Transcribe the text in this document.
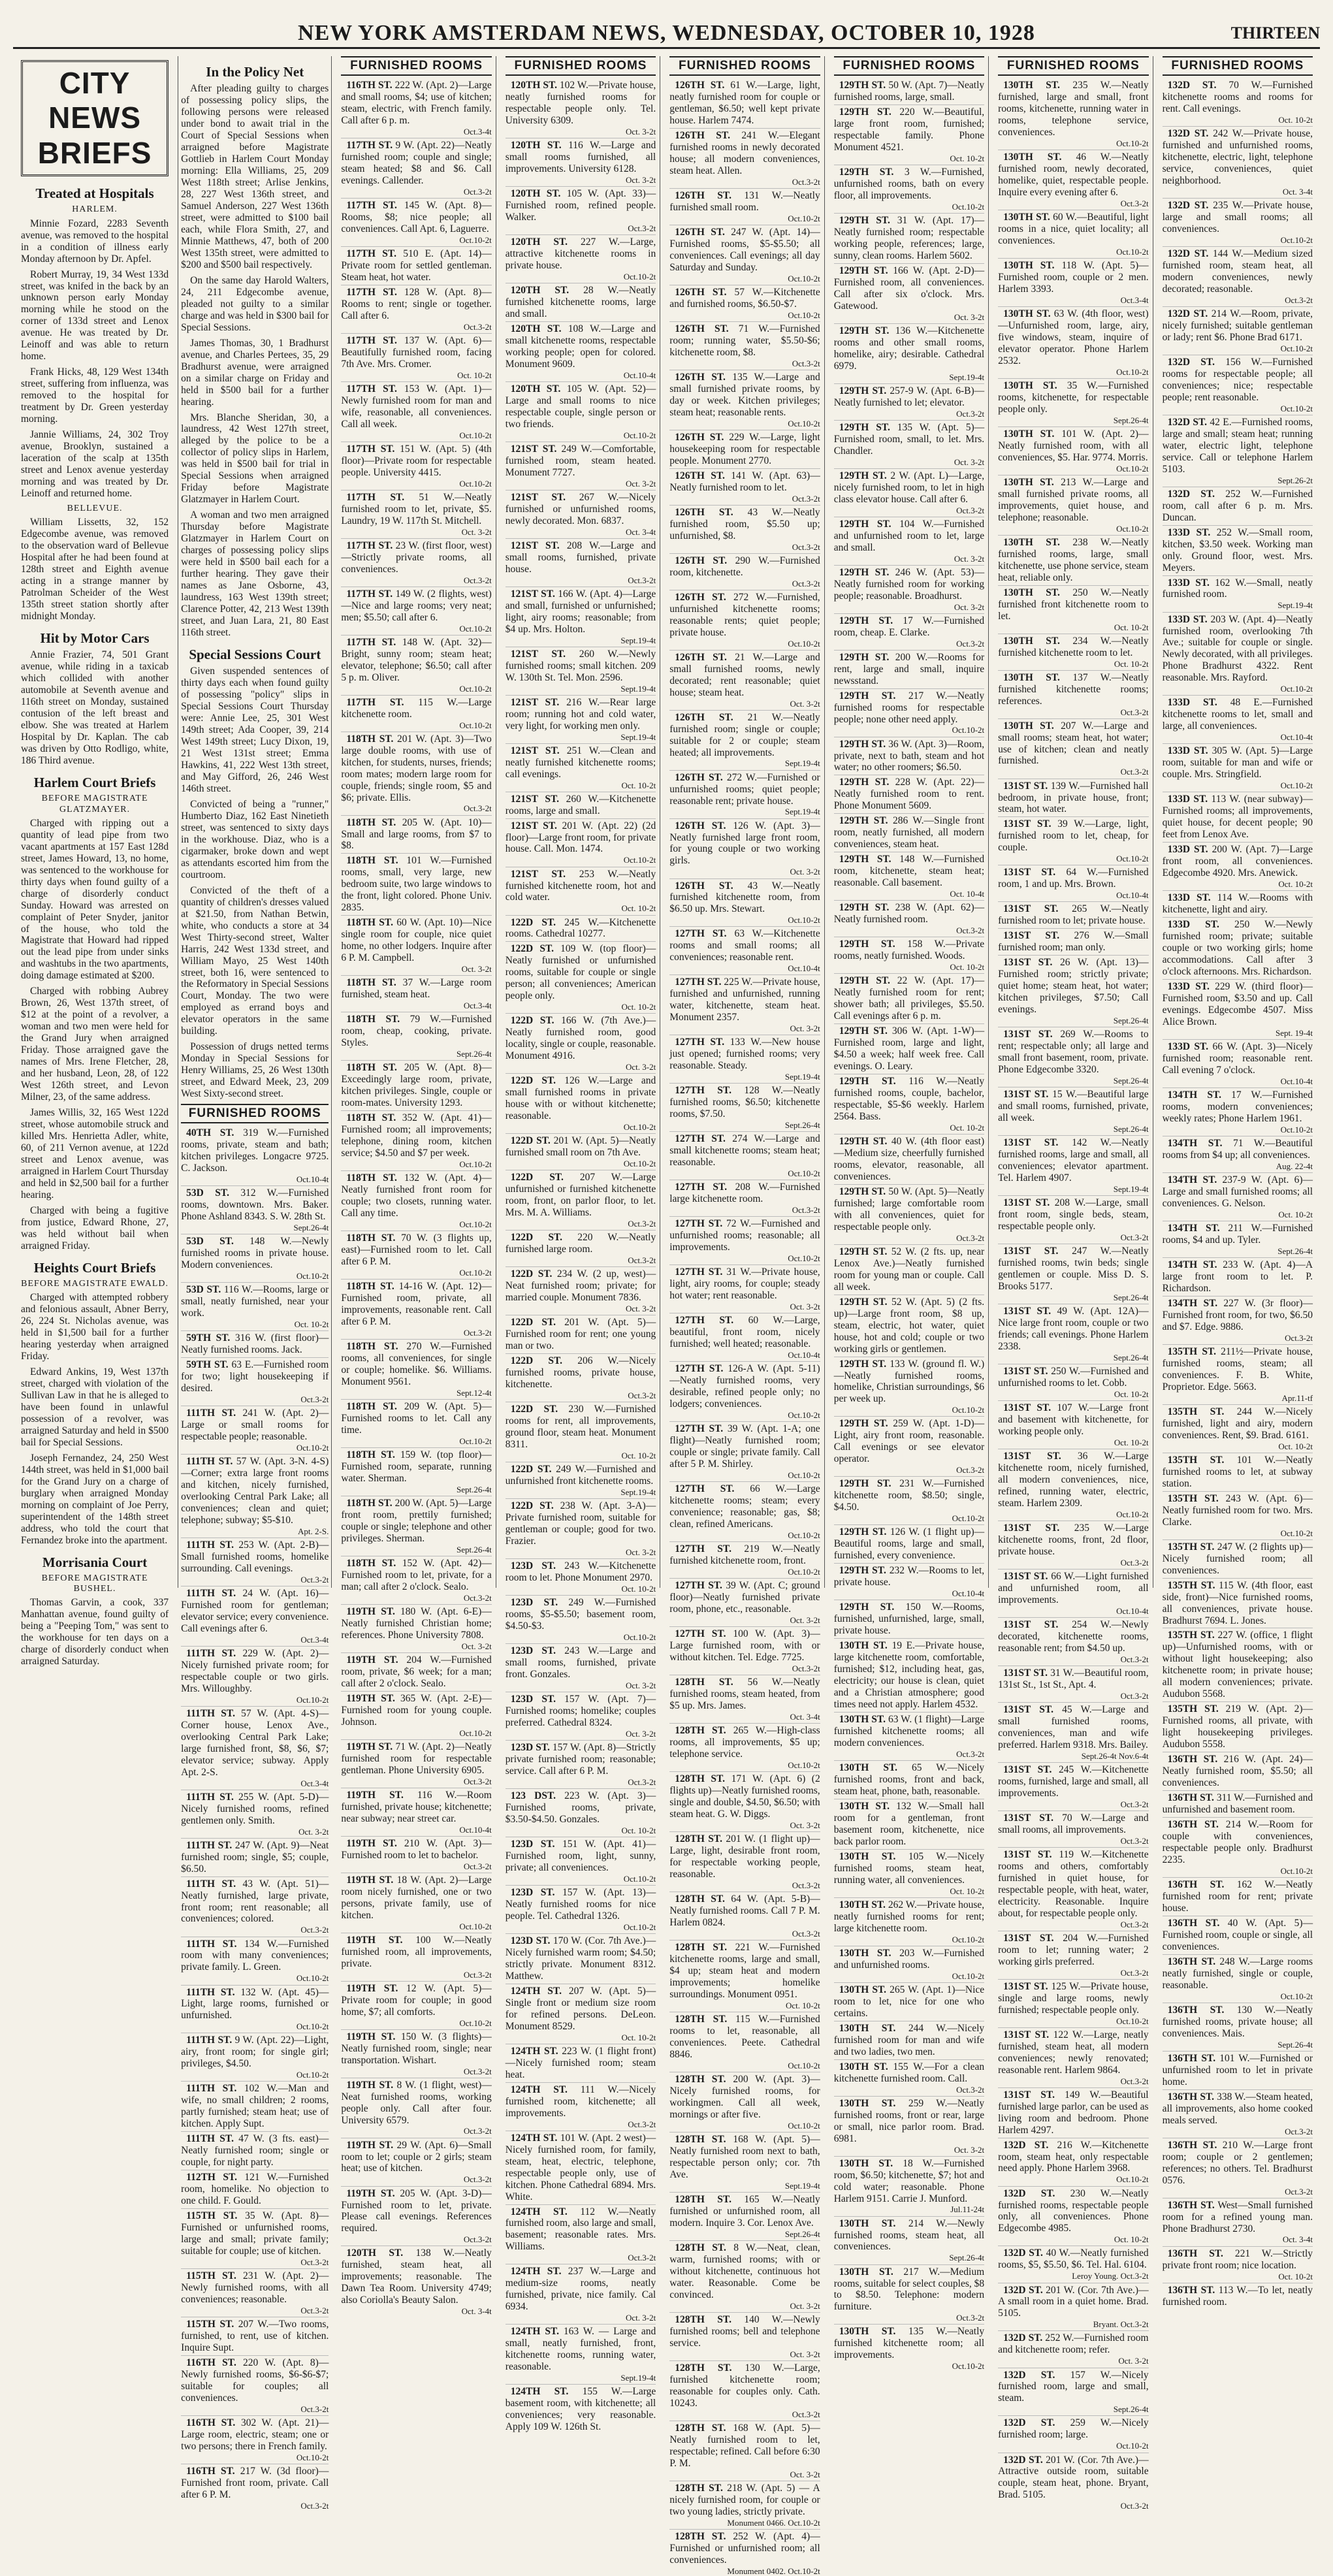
NEW YORK AMSTERDAM NEWS, WEDNESDAY, OCTOBER 10, 1928	THIRTEEN
CITY NEWS BRIEFS
Treated at Hospitals
HARLEM.

Minnie Fozard, 2283 Seventh avenue, was removed to the hospital in a condition of illness early Monday afternoon by Dr. Apfel.

Robert Murray, 19, 34 West 133d street, was knifed in the back by an unknown person early Monday morning while he stood on the corner of 133d street and Lenox avenue. He was treated by Dr. Leinoff and was able to return home.

Frank Hicks, 48, 129 West 134th street, suffering from influenza, was removed to the hospital for treatment by Dr. Green yesterday morning.

Jannie Williams, 24, 302 Troy avenue, Brooklyn, sustained a laceration of the scalp at 135th street and Lenox avenue yesterday morning and was treated by Dr. Leinoff and returned home.

BELLEVUE.

William Lissetts, 32, 152 Edgecombe avenue, was removed to the observation ward of Bellevue Hospital after he had been found at 128th street and Eighth avenue acting in a strange manner by Patrolman Scheider of the West 135th street station shortly after midnight Monday.

Hit by Motor Cars

Annie Frazier, 74, 501 Grant avenue, while riding in a taxicab which collided with another automobile at Seventh avenue and 116th street on Monday, sustained contusion of the left breast and elbow. She was treated at Harlem Hospital by Dr. Kaplan. The cab was driven by Otto Rodligo, white, 186 Third avenue.

Harlem Court Briefs
BEFORE MAGISTRATE GLATZMAYER.

Charged with ripping out a quantity of lead pipe from two vacant apartments at 157 East 128d street, James Howard, 13, no home, was sentenced to the workhouse for thirty days when found guilty of a charge of disorderly conduct Sunday. Howard was arrested on complaint of Peter Snyder, janitor of the house, who told the Magistrate that Howard had ripped out the lead pipe from under sinks and washtubs in the two apartments, doing damage estimated at $200.

Charged with robbing Aubrey Brown, 26, West 137th street, of $12 at the point of a revolver, a woman and two men were held for the Grand Jury when arraigned Friday. Those arraigned gave the names of Mrs. Irene Fletcher, 28, and her husband, Leon, 28, of 122 West 126th street, and Levon Milner, 23, of the same address.

James Willis, 32, 165 West 122d street, whose automobile struck and killed Mrs. Henrietta Adler, white, 60, of 211 Vernon avenue, at 122d street and Lenox avenue, was arraigned in Harlem Court Thursday and held in $2,500 bail for a further hearing.

Charged with being a fugitive from justice, Edward Rhone, 27, was held without bail when arraigned Friday.

Heights Court Briefs
BEFORE MAGISTRATE EWALD.

Charged with attempted robbery and felonious assault, Abner Berry, 26, 224 St. Nicholas avenue, was held in $1,500 bail for a further hearing yesterday when arraigned Friday.

Edward Ankins, 19, West 137th street, charged with violation of the Sullivan Law in that he is alleged to have been found in unlawful possession of a revolver, was arraigned Saturday and held in $500 bail for Special Sessions.

Joseph Fernandez, 24, 250 West 144th street, was held in $1,000 bail for the Grand Jury on a charge of burglary when arraigned Monday morning on complaint of Joe Perry, superintendent of the 148th street address, who told the court that Fernandez broke into the apartment.

Morrisania Court
BEFORE MAGISTRATE BUSHEL.

Thomas Garvin, a cook, 337 Manhattan avenue, found guilty of being a "Peeping Tom," was sent to the workhouse for ten days on a charge of disorderly conduct when arraigned Saturday.

In the Policy Net

After pleading guilty to charges of possessing policy slips, the following persons were released under bond to await trial in the Court of Special Sessions when arraigned before Magistrate Gottlieb in Harlem Court Monday morning: Ella Williams, 25, 209 West 118th street; Arlise Jenkins, 28, 227 West 136th street, and Samuel Anderson, 227 West 136th street, were admitted to $100 bail each, while Flora Smith, 27, and Minnie Matthews, 47, both of 200 West 135th street, were admitted to $200 and $500 bail respectively.

On the same day Harold Walters, 24, 211 Edgecombe avenue, pleaded not guilty to a similar charge and was held in $300 bail for Special Sessions.

James Thomas, 30, 1 Bradhurst avenue, and Charles Pertees, 35, 29 Bradhurst avenue, were arraigned on a similar charge on Friday and held in $500 bail for a further hearing.

Mrs. Blanche Sheridan, 30, a laundress, 42 West 127th street, alleged by the police to be a collector of policy slips in Harlem, was held in $500 bail for trial in Special Sessions when arraigned Friday before Magistrate Glatzmayer in Harlem Court.

A woman and two men arraigned Thursday before Magistrate Glatzmayer in Harlem Court on charges of possessing policy slips were held in $500 bail each for a further hearing. They gave their names as Jane Osborne, 43, laundress, 163 West 139th street; Clarence Potter, 42, 213 West 139th street, and Juan Lara, 21, 80 East 116th street.

Special Sessions Court

Given suspended sentences of thirty days each when found guilty of possessing "policy" slips in Special Sessions Court Thursday were: Annie Lee, 25, 301 West 149th street; Ada Cooper, 39, 214 West 149th street; Lucy Dixon, 19, 21 West 131st street; Emma Hawkins, 41, 222 West 13th street, and May Gifford, 26, 246 West 146th street.

Convicted of being a "runner," Humberto Diaz, 162 East Ninetieth street, was sentenced to sixty days in the workhouse. Diaz, who is a cigarmaker, broke down and wept as attendants escorted him from the courtroom.

Convicted of the theft of a quantity of children's dresses valued at $21.50, from Nathan Betwin, white, who conducts a store at 34 West Thirty-second street, Walter Harris, 242 West 133d street, and William Mayo, 25 West 140th street, both 16, were sentenced to the Reformatory in Special Sessions Court, Monday. The two were employed as errand boys and elevator operators in the same building.

Possession of drugs netted terms Monday in Special Sessions for Henry Williams, 25, 26 West 130th street, and Edward Meek, 23, 209 West Sixty-second street.

FURNISHED ROOMS
40TH ST. 319 W.—Furnished rooms, private, steam and bath; kitchen privileges. Longacre 9725. C. Jackson.
Oct.10-4t
53D ST. 312 W.—Furnished rooms, downtown. Mrs. Baker. Phone Ashland 8343. S. W. 28th St.
Sept.26-4t
53D ST. 148 W.—Newly furnished rooms in private house. Modern conveniences.
Oct.10-2t
53D ST. 116 W.—Rooms, large or small, neatly furnished, near your work.
Oct. 10-2t
59TH ST. 316 W. (first floor)—Neatly furnished rooms. Jack.
59TH ST. 63 E.—Furnished room for two; light housekeeping if desired.
Oct.3-2t
111TH ST. 241 W. (Apt. 2)—Large or small rooms for respectable people; reasonable.
Oct.10-2t
111TH ST. 57 W. (Apt. 3-N. 4-S)—Corner; extra large front rooms and kitchen, nicely furnished, overlooking Central Park Lake; all conveniences; clean and quiet; telephone; subway; $5-$10.
Apt. 2-S.
111TH ST. 253 W. (Apt. 2-B)—Small furnished rooms, homelike surrounding. Call evenings.
Oct.3-2t
111TH ST. 24 W. (Apt. 16)—Furnished room for gentleman; elevator service; every convenience. Call evenings after 6.
Oct.3-4t
111TH ST. 229 W. (Apt. 2)—Nicely furnished private room; for respectable couple or two girls. Mrs. Willoughby.
Oct.10-2t
111TH ST. 57 W. (Apt. 4-S)—Corner house, Lenox Ave., overlooking Central Park Lake; large furnished front, $8, $6, $7; elevator service; subway. Apply Apt. 2-S.
Oct.3-4t
111TH ST. 255 W. (Apt. 5-D)—Nicely furnished rooms, refined gentlemen only. Smith.
Oct. 3-2t
111TH ST. 247 W. (Apt. 9)—Neat furnished room; single, $5; couple, $6.50.
111TH ST. 43 W. (Apt. 51)—Neatly furnished, large private, front room; rent reasonable; all conveniences; colored.
Oct.3-2t
111TH ST. 134 W.—Furnished room with many conveniences; private family. L. Green.
Oct.10-2t
111TH ST. 132 W. (Apt. 45)—Light, large rooms, furnished or unfurnished.
Oct.10-2t
111TH ST. 9 W. (Apt. 22)—Light, airy, front room; for single girl; privileges, $4.50.
Oct.10-2t
111TH ST. 102 W.—Man and wife, no small children; 2 rooms, partly furnished; steam heat; use of kitchen. Apply Supt.
111TH ST. 47 W. (3 fts. east)—Neatly furnished room; single or couple, for night party.
112TH ST. 121 W.—Furnished room, homelike. No objection to one child. F. Gould.
115TH ST. 35 W. (Apt. 8)—Furnished or unfurnished rooms, large and small; private family; suitable for couple; use of kitchen.
Oct.3-2t
115TH ST. 231 W. (Apt. 2)—Newly furnished rooms, with all conveniences; reasonable.
Oct.3-2t
115TH ST. 207 W.—Two rooms, furnished, to rent, use of kitchen. Inquire Supt.
116TH ST. 220 W. (Apt. 8)—Newly furnished rooms, $6-$6-$7; suitable for couples; all conveniences.
Oct.3-2t
116TH ST. 302 W. (Apt. 21)—Large room, electric, steam; one or two persons; there in French family.
Oct.10-2t
116TH ST. 217 W. (3d floor)—Furnished front room, private. Call after 6 P. M.
Oct.3-2t
FURNISHED ROOMS
116TH ST. 222 W. (Apt. 2)—Large and small rooms, $4; use of kitchen; steam, electric, with French family. Call after 6 p. m.
Oct.3-4t
117TH ST. 9 W. (Apt. 22)—Neatly furnished room; couple and single; steam heated; $8 and $6. Call evenings. Callender.
Oct.3-2t
117TH ST. 145 W. (Apt. 8)—Rooms, $8; nice people; all conveniences. Call Apt. 6, Laguerre.
Oct.10-2t
117TH ST. 510 E. (Apt. 14)—Private room for settled gentleman. Steam heat, hot water.
117TH ST. 128 W. (Apt. 8)—Rooms to rent; single or together. Call after 6.
Oct.3-2t
117TH ST. 137 W. (Apt. 6)—Beautifully furnished room, facing 7th Ave. Mrs. Cromer.
Oct. 10-2t
117TH ST. 153 W. (Apt. 1)—Newly furnished room for man and wife, reasonable, all conveniences. Call all week.
Oct.10-2t
117TH ST. 151 W. (Apt. 5) (4th floor)—Private room for respectable people. University 4415.
Oct.10-2t
117TH ST. 51 W.—Neatly furnished room to let, private, $5. Laundry, 19 W. 117th St. Mitchell.
Oct. 3-2t
117TH ST. 23 W. (first floor, west)—Strictly private rooms, all conveniences.
Oct.3-2t
117TH ST. 149 W. (2 flights, west)—Nice and large rooms; very neat; men; $5.50; call after 6.
Oct.10-2t
117TH ST. 148 W. (Apt. 32)—Bright, sunny room; steam heat; elevator, telephone; $6.50; call after 5 p. m. Oliver.
Oct.10-2t
117TH ST. 115 W.—Large kitchenette room.
Oct.10-2t
118TH ST. 201 W. (Apt. 3)—Two large double rooms, with use of kitchen, for students, nurses, friends; room mates; modern large room for couple, friends; single room, $5 and $6; private. Ellis.
Oct.3-2t
118TH ST. 205 W. (Apt. 10)—Small and large rooms, from $7 to $8.
118TH ST. 101 W.—Furnished rooms, small, very large, new bedroom suite, two large windows to the front, light colored. Phone Univ. 2835.
118TH ST. 60 W. (Apt. 10)—Nice single room for couple, nice quiet home, no other lodgers. Inquire after 6 P. M. Campbell.
Oct. 3-2t
118TH ST. 37 W.—Large room furnished, steam heat.
Oct.3-4t
118TH ST. 79 W.—Furnished room, cheap, cooking, private. Styles.
Sept.26-4t
118TH ST. 205 W. (Apt. 8)—Exceedingly large room, private, kitchen privileges. Single, couple or room-mates. University 1293.
118TH ST. 352 W. (Apt. 41)—Furnished room; all improvements; telephone, dining room, kitchen service; $4.50 and $7 per week.
Oct.10-2t
118TH ST. 132 W. (Apt. 4)—Neatly furnished front room for couple; two closets, running water. Call any time.
Oct.10-2t
118TH ST. 70 W. (3 flights up, east)—Furnished room to let. Call after 6 P. M.
Oct.10-2t
118TH ST. 14-16 W. (Apt. 12)—Furnished room, private, all improvements, reasonable rent. Call after 6 P. M.
Oct.3-2t
118TH ST. 270 W.—Furnished rooms, all conveniences, for single or couple; homelike. $6. Williams. Monument 9561.
Sept.12-4t
118TH ST. 209 W. (Apt. 5)—Furnished rooms to let. Call any time.
Oct.10-2t
118TH ST. 159 W. (top floor)—Furnished room, separate, running water. Sherman.
Sept.26-4t
118TH ST. 200 W. (Apt. 5)—Large front room, prettily furnished; couple or single; telephone and other privileges. Sherman.
Sept.26-4t
118TH ST. 152 W. (Apt. 42)—Furnished room to let, private, for a man; call after 2 o'clock. Sealo.
Oct.3-2t
119TH ST. 180 W. (Apt. 6-E)—Neatly furnished Christian home; references. Phone University 7808.
Oct. 3-2t
119TH ST. 204 W.—Furnished room, private, $6 week; for a man; call after 2 o'clock. Sealo.
119TH ST. 365 W. (Apt. 2-E)—Furnished room for young couple. Johnson.
Oct.10-2t
119TH ST. 71 W. (Apt. 2)—Neatly furnished room for respectable gentleman. Phone University 6905.
Oct.3-2t
119TH ST. 116 W.—Room furnished, private house; kitchenette; near subway; near street car.
Oct.10-4t
119TH ST. 210 W. (Apt. 3)—Furnished room to let to bachelor.
Oct.3-2t
119TH ST. 18 W. (Apt. 2)—Large room nicely furnished, one or two persons, private family, use of kitchen.
Oct.10-2t
119TH ST. 100 W.—Neatly furnished room, all improvements, private.
Oct.3-2t
119TH ST. 12 W. (Apt. 5)—Private room for couple; in good home, $7; all comforts.
Oct.10-2t
119TH ST. 150 W. (3 flights)—Neatly furnished room, single; near transportation. Wishart.
Oct.3-2t
119TH ST. 8 W. (1 flight, west)—Neat furnished rooms, working people only. Call after four. University 6579.
Oct.3-2t
119TH ST. 29 W. (Apt. 6)—Small room to let; couple or 2 girls; steam heat; use of kitchen.
Oct.3-2t
119TH ST. 205 W. (Apt. 3-D)—Furnished room to let, private. Please call evenings. References required.
Oct.3-2t
120TH ST. 138 W.—Neatly furnished, steam heat, all improvements; reasonable. The Dawn Tea Room. University 4749; also Coriolla's Beauty Salon.
Oct. 3-4t
FURNISHED ROOMS
120TH ST. 102 W.—Private house, neatly furnished rooms for respectable people only. Tel. University 6309.
Oct. 3-2t
120TH ST. 116 W.—Large and small rooms furnished, all improvements. University 6128.
Oct. 3-2t
120TH ST. 105 W. (Apt. 33)—Furnished room, refined people. Walker.
Oct.3-2t
120TH ST. 227 W.—Large, attractive kitchenette rooms in private house.
Oct.10-2t
120TH ST. 28 W.—Neatly furnished kitchenette rooms, large and small.
120TH ST. 108 W.—Large and small kitchenette rooms, respectable working people; open for colored. Monument 9609.
Oct.10-4t
120TH ST. 105 W. (Apt. 52)—Large and small rooms to nice respectable couple, single person or two friends.
Oct.10-2t
121ST ST. 249 W.—Comfortable, furnished room, steam heated. Monument 7727.
Oct. 3-2t
121ST ST. 267 W.—Nicely furnished or unfurnished rooms, newly decorated. Mon. 6837.
Oct. 3-4t
121ST ST. 208 W.—Large and small rooms, furnished, private house.
Oct.3-2t
121ST ST. 166 W. (Apt. 4)—Large and small, furnished or unfurnished; light, airy rooms; reasonable; from $4 up. Mrs. Holton.
Sept.19-4t
121ST ST. 260 W.—Newly furnished rooms; small kitchen. 209 W. 130th St. Tel. Mon. 2596.
Sept.19-4t
121ST ST. 216 W.—Rear large room; running hot and cold water, very light, for working men only.
Sept.19-4t
121ST ST. 251 W.—Clean and neatly furnished kitchenette rooms; call evenings.
Oct. 10-2t
121ST ST. 260 W.—Kitchenette rooms, large and small.
121ST ST. 201 W. (Apt. 22) (2d floor)—Large front room, for private house. Call. Mon. 1474.
Oct.10-2t
121ST ST. 253 W.—Neatly furnished kitchenette room, hot and cold water.
Oct. 10-2t
122D ST. 245 W.—Kitchenette rooms. Cathedral 10277.
122D ST. 109 W. (top floor)—Neatly furnished or unfurnished rooms, suitable for couple or single person; all conveniences; American people only.
Oct. 10-2t
122D ST. 166 W. (7th Ave.)—Neatly furnished room, good locality, single or couple, reasonable. Monument 4916.
Oct. 3-2t
122D ST. 126 W.—Large and small furnished rooms in private house with or without kitchenette; reasonable.
Oct.10-2t
122D ST. 201 W. (Apt. 5)—Neatly furnished small room on 7th Ave.
Oct.10-2t
122D ST. 207 W.—Large unfurnished or furnished kitchenette room, front, on parlor floor, to let. Mrs. M. A. Williams.
Oct.3-2t
122D ST. 220 W.—Neatly furnished large room.
Oct.3-2t
122D ST. 234 W. (2 up, west)—Neat furnished room; private; for married couple. Monument 7836.
Oct. 3-2t
122D ST. 201 W. (Apt. 5)—Furnished room for rent; one young man or two.
122D ST. 206 W.—Nicely furnished rooms, private house, kitchenette.
Oct.3-2t
122D ST. 230 W.—Furnished rooms for rent, all improvements, ground floor, steam heat. Monument 8311.
Oct. 10-2t
122D ST. 249 W.—Furnished and unfurnished front kitchenette rooms.
Sept.19-4t
122D ST. 238 W. (Apt. 3-A)—Private furnished room, suitable for gentleman or couple; good for two. Frazier.
Oct. 3-2t
123D ST. 243 W.—Kitchenette room to let. Phone Monument 2970.
Oct. 10-2t
123D ST. 249 W.—Furnished rooms, $5-$5.50; basement room, $4.50-$3.
Oct.10-2t
123D ST. 243 W.—Large and small rooms, furnished, private front. Gonzales.
Oct. 3-2t
123D ST. 157 W. (Apt. 7)—Furnished rooms; homelike; couples preferred. Cathedral 8324.
Oct. 3-2t
123D ST. 157 W. (Apt. 8)—Strictly private furnished room; reasonable; service. Call after 6 P. M.
Oct.3-2t
123 DST. 223 W. (Apt. 3)—Furnished rooms, private, $3.50-$4.50. Gonzales.
Oct. 10-2t
123D ST. 151 W. (Apt. 41)—Furnished room, light, sunny, private; all conveniences.
Oct.10-2t
123D ST. 157 W. (Apt. 13)—Neatly furnished rooms for nice people. Tel. Cathedral 1326.
Oct.10-2t
123D ST. 170 W. (Cor. 7th Ave.)—Nicely furnished warm room; $4.50; strictly private. Monument 8312. Matthew.
124TH ST. 207 W. (Apt. 5)—Single front or medium size room for refined persons. DeLeon. Monument 8529.
Oct. 10-2t
124TH ST. 223 W. (1 flight front)—Nicely furnished room; steam heat.
124TH ST. 111 W.—Nicely furnished room, kitchenette; all improvements.
Oct.3-2t
124TH ST. 101 W. (Apt. 2 west)—Nicely furnished room, for family, steam, heat, electric, telephone, respectable people only, use of kitchen. Phone Cathedral 6894. Mrs. White.
124TH ST. 112 W.—Neatly furnished room, also large and small, basement; reasonable rates. Mrs. Williams.
Oct.3-2t
124TH ST. 237 W.—Large and medium-size rooms, neatly furnished, private, nice family. Cal 6934.
Oct. 3-2t
124TH ST. 163 W. — Large and small, neatly furnished, front, kitchenette rooms, running water, reasonable.
Sept.19-4t
124TH ST. 155 W.—Large basement room, with kitchenette; all conveniences; very reasonable. Apply 109 W. 126th St.
FURNISHED ROOMS
126TH ST. 61 W.—Large, light, neatly furnished room for couple or gentleman, $6.50; well kept private house. Harlem 7474.
126TH ST. 241 W.—Elegant furnished rooms in newly decorated house; all modern conveniences, steam heat. Allen.
Oct.3-2t
126TH ST. 131 W.—Neatly furnished small room.
Oct.10-2t
126TH ST. 247 W. (Apt. 14)—Furnished rooms, $5-$5.50; all conveniences. Call evenings; all day Saturday and Sunday.
Oct.10-2t
126TH ST. 57 W.—Kitchenette and furnished rooms, $6.50-$7.
Oct.10-2t
126TH ST. 71 W.—Furnished room; running water, $5.50-$6; kitchenette room, $8.
Oct.3-2t
126TH ST. 135 W.—Large and small furnished private rooms, by day or week. Kitchen privileges; steam heat; reasonable rents.
Oct.10-2t
126TH ST. 229 W.—Large, light housekeeping room for respectable people. Monument 2770.
126TH ST. 141 W. (Apt. 63)—Neatly furnished room to let.
Oct.3-2t
126TH ST. 43 W.—Neatly furnished room, $5.50 up; unfurnished, $8.
Oct.3-2t
126TH ST. 290 W.—Furnished room, kitchenette.
Oct.3-2t
126TH ST. 272 W.—Furnished, unfurnished kitchenette rooms; reasonable rents; quiet people; private house.
Oct.10-2t
126TH ST. 21 W.—Large and small furnished rooms, newly decorated; rent reasonable; quiet house; steam heat.
Oct. 3-2t
126TH ST. 21 W.—Neatly furnished room; single or couple; suitable for 2 or couple; steam heated; all improvements.
Sept.19-4t
126TH ST. 272 W.—Furnished or unfurnished rooms; quiet people; reasonable rent; private house.
Sept.19-4t
126TH ST. 126 W. (Apt. 3)—Neatly furnished large front room, for young couple or two working girls.
Oct. 3-2t
126TH ST. 43 W.—Neatly furnished kitchenette room, from $6.50 up. Mrs. Stewart.
Oct.10-2t
127TH ST. 63 W.—Kitchenette rooms and small rooms; all conveniences; reasonable rent.
Oct.10-4t
127TH ST. 225 W.—Private house, furnished and unfurnished, running water, kitchenette, steam heat. Monument 2357.
Oct. 3-2t
127TH ST. 133 W.—New house just opened; furnished rooms; very reasonable. Steady.
Sept.19-4t
127TH ST. 128 W.—Neatly furnished rooms, $6.50; kitchenette rooms, $7.50.
Sept.26-4t
127TH ST. 274 W.—Large and small kitchenette rooms; steam heat; reasonable.
Oct.10-2t
127TH ST. 208 W.—Furnished large kitchenette room.
Oct.3-2t
127TH ST. 72 W.—Furnished and unfurnished rooms; reasonable; all improvements.
Oct.10-2t
127TH ST. 31 W.—Private house, light, airy rooms, for couple; steady hot water; rent reasonable.
Oct. 3-2t
127TH ST. 60 W.—Large, beautiful, front room, nicely furnished; well heated; reasonable.
Oct.10-4t
127TH ST. 126-A W. (Apt. 5-11)—Neatly furnished rooms, very desirable, refined people only; no lodgers; conveniences.
Oct.10-2t
127TH ST. 39 W. (Apt. 1-A; one flight)—Neatly furnished room; couple or single; private family. Call after 5 P. M. Shirley.
Oct.10-2t
127TH ST. 66 W.—Large kitchenette rooms; steam; every convenience; reasonable; gas, $8; clean, refined Americans.
Oct.10-2t
127TH ST. 219 W.—Neatly furnished kitchenette room, front.
Oct.10-2t
127TH ST. 39 W. (Apt. C; ground floor)—Neatly furnished private room, phone, etc., reasonable.
Oct. 3-2t
127TH ST. 100 W. (Apt. 3)—Large furnished room, with or without kitchen. Tel. Edge. 7725.
Oct.3-2t
128TH ST. 56 W.—Neatly furnished rooms, steam heated, from $5 up. Mrs. James.
Oct. 3-4t
128TH ST. 265 W.—High-class rooms, all improvements, $5 up; telephone service.
Oct.10-2t
128TH ST. 171 W. (Apt. 6) (2 flights up)—Neatly furnished rooms, single and double, $4.50, $6.50; with steam heat. G. W. Diggs.
Oct. 3-2t
128TH ST. 201 W. (1 flight up)—Large, light, desirable front room, for respectable working people, reasonable.
Oct.3-2t
128TH ST. 64 W. (Apt. 5-B)—Neatly furnished rooms. Call 7 P. M. Harlem 0824.
Oct.3-2t
128TH ST. 221 W.—Furnished kitchenette rooms, large and small, $4 up; steam heat and modern improvements; homelike surroundings. Monument 0951.
Oct. 10-2t
128TH ST. 115 W.—Furnished rooms to let, reasonable, all conveniences. Peete. Cathedral 8846.
Oct.10-2t
128TH ST. 200 W. (Apt. 3)—Nicely furnished rooms, for workingmen. Call all week, mornings or after five.
Oct.10-2t
128TH ST. 168 W. (Apt. 5)—Neatly furnished room next to bath, respectable person only; cor. 7th Ave.
Sept.19-4t
128TH ST. 165 W.—Neatly furnished or unfurnished room, all modern. Inquire 3. Cor. Lenox Ave.
Sept.26-4t
128TH ST. 8 W.—Neat, clean, warm, furnished rooms; with or without kitchenette, continuous hot water. Reasonable. Come be convinced.
Oct. 3-2t
128TH ST. 140 W.—Newly furnished rooms; bell and telephone service.
Oct. 3-2t
128TH ST. 130 W.—Large, furnished kitchenette room; reasonable for couples only. Cath. 10243.
Oct.3-2t
128TH ST. 168 W. (Apt. 5)—Neatly furnished room to let, respectable; refined. Call before 6:30 P. M.
Oct. 3-2t
128TH ST. 218 W. (Apt. 5) — A nicely furnished room, for couple or two young ladies, strictly private.
Monument 0466. Oct.10-2t
128TH ST. 252 W. (Apt. 4)—Furnished or unfurnished room; all conveniences.
Monument 0402. Oct.10-2t
FURNISHED ROOMS
129TH ST. 50 W. (Apt. 7)—Neatly furnished rooms, large, small.
129TH ST. 220 W.—Beautiful, large front room, furnished; respectable family. Phone Monument 4521.
Oct. 10-2t
129TH ST. 3 W.—Furnished, unfurnished rooms, bath on every floor, all improvements.
Oct.10-2t
129TH ST. 31 W. (Apt. 17)—Neatly furnished room; respectable working people, references; large, sunny, clean rooms. Harlem 5602.
129TH ST. 166 W. (Apt. 2-D)—Furnished room, all conveniences. Call after six o'clock. Mrs. Gatewood.
Oct. 3-2t
129TH ST. 136 W.—Kitchenette rooms and other small rooms, homelike, airy; desirable. Cathedral 6979.
Sept.19-4t
129TH ST. 257-9 W. (Apt. 6-B)—Neatly furnished to let; elevator.
Oct.3-2t
129TH ST. 135 W. (Apt. 5)—Furnished room, small, to let. Mrs. Chandler.
Oct. 3-2t
129TH ST. 2 W. (Apt. L)—Large, nicely furnished room, to let in high class elevator house. Call after 6.
Oct.3-2t
129TH ST. 104 W.—Furnished and unfurnished room to let, large and small.
Oct. 3-2t
129TH ST. 246 W. (Apt. 53)—Neatly furnished room for working people; reasonable. Broadhurst.
Oct. 3-2t
129TH ST. 17 W.—Furnished room, cheap. E. Clarke.
Oct.3-2t
129TH ST. 200 W.—Rooms for rent, large and small, inquire newsstand.
129TH ST. 217 W.—Neatly furnished rooms for respectable people; none other need apply.
Oct.10-2t
129TH ST. 36 W. (Apt. 3)—Room, private, next to bath, steam and hot water; no other roomers; $6.50.
129TH ST. 228 W. (Apt. 22)—Neatly furnished room to rent. Phone Monument 5609.
129TH ST. 286 W.—Single front room, neatly furnished, all modern conveniences, steam heat.
129TH ST. 148 W.—Furnished room, kitchenette, steam heat; reasonable. Call basement.
Oct. 10-4t
129TH ST. 238 W. (Apt. 62)—Neatly furnished room.
Oct.3-2t
129TH ST. 158 W.—Private rooms, neatly furnished. Woods.
Oct. 10-2t
129TH ST. 22 W. (Apt. 17)—Neatly furnished room for rent; shower bath; all privileges, $5.50. Call evenings after 6 p. m.
129TH ST. 306 W. (Apt. 1-W)—Furnished room, large and light, $4.50 a week; half week free. Call evenings. O. Leary.
129TH ST. 116 W.—Neatly furnished rooms, couple, bachelor, respectable, $5-$6 weekly. Harlem 2564. Bass.
Oct. 10-2t
129TH ST. 40 W. (4th floor east)—Medium size, cheerfully furnished rooms, elevator, reasonable, all conveniences.
129TH ST. 50 W. (Apt. 5)—Neatly furnished; large comfortable room with all conveniences, quiet for respectable people only.
Oct.3-2t
129TH ST. 52 W. (2 fts. up, near Lenox Ave.)—Neatly furnished room for young man or couple. Call all week.
129TH ST. 52 W. (Apt. 5) (2 fts. up)—Large front room, $8 up, steam, electric, hot water, quiet house, hot and cold; couple or two working girls or gentlemen.
129TH ST. 133 W. (ground fl. W.)—Neatly furnished rooms, homelike, Christian surroundings, $6 per week up.
Oct.10-2t
129TH ST. 259 W. (Apt. 1-D)—Light, airy front room, reasonable. Call evenings or see elevator operator.
Oct.3-2t
129TH ST. 231 W.—Furnished kitchenette room, $8.50; single, $4.50.
Oct.10-2t
129TH ST. 126 W. (1 flight up)—Beautiful rooms, large and small, furnished, every convenience.
129TH ST. 232 W.—Rooms to let, private house.
Oct.10-4t
129TH ST. 150 W.—Rooms, furnished, unfurnished, large, small, private house.
130TH ST. 19 E.—Private house, large kitchenette room, comfortable, furnished; $12, including heat, gas, electricity; our house is clean, quiet and a Christian atmosphere; good times need not apply. Harlem 4532.
130TH ST. 63 W. (1 flight)—Large furnished kitchenette rooms; all modern conveniences.
Oct.3-2t
130TH ST. 65 W.—Nicely furnished rooms, front and back, steam heat, phone, bath, reasonable.
130TH ST. 132 W.—Small hall room for a gentleman, front basement room, kitchenette, nice back parlor room.
130TH ST. 105 W.—Nicely furnished rooms, steam heat, running water, all conveniences.
Oct. 10-2t
130TH ST. 262 W.—Private house, neatly furnished rooms for rent; large kitchenette room.
Oct.10-2t
130TH ST. 203 W.—Furnished and unfurnished rooms.
Oct.10-2t
130TH ST. 265 W. (Apt. 1)—Nice room to let, nice for one who certains.
130TH ST. 244 W.—Nicely furnished room for man and wife and two ladies, two men.
130TH ST. 155 W.—For a clean kitchenette furnished room. Call.
Oct.3-2t
130TH ST. 259 W.—Neatly furnished rooms, front or rear, large or small, nice parlor room. Brad. 6981.
Oct. 3-2t
130TH ST. 18 W.—Furnished room, $6.50; kitchenette, $7; hot and cold water; reasonable. Phone Harlem 9151. Carrie J. Munford.
Jul.11-24t
130TH ST. 214 W.—Newly furnished rooms, steam heat, all conveniences.
Sept.26-4t
130TH ST. 217 W.—Medium rooms, suitable for select couples, $8 to $8.50. Telephone: modern furniture.
Oct.3-2t
130TH ST. 135 W.—Neatly furnished kitchenette room; all improvements.
Oct.10-2t
FURNISHED ROOMS
130TH ST. 235 W.—Neatly furnished, large and small, front rooms, kitchenette, running water in rooms, telephone service, conveniences.
Oct.10-2t
130TH ST. 46 W.—Neatly furnished room, newly decorated, homelike, quiet, respectable people. Inquire every evening after 6.
Oct.3-2t
130TH ST. 60 W.—Beautiful, light rooms in a nice, quiet locality; all conveniences.
Oct.10-2t
130TH ST. 118 W. (Apt. 5)—Furnished room, couple or 2 men. Harlem 3393.
Oct.3-4t
130TH ST. 63 W. (4th floor, west)—Unfurnished room, large, airy, five windows, steam, inquire of elevator operator. Phone Harlem 2532.
Oct.10-2t
130TH ST. 35 W.—Furnished rooms, kitchenette, for respectable people only.
Sept.26-4t
130TH ST. 101 W. (Apt. 2)—Neatly furnished room, with all conveniences, $5. Har. 9774. Morris.
Oct.10-2t
130TH ST. 213 W.—Large and small furnished private rooms, all improvements, quiet house, and telephone; reasonable.
Oct.10-2t
130TH ST. 238 W.—Neatly furnished rooms, large, small kitchenette, use phone service, steam heat, reliable only.
130TH ST. 250 W.—Neatly furnished front kitchenette room to let.
Oct. 10-2t
130TH ST. 234 W.—Neatly furnished kitchenette room to let.
Oct. 10-2t
130TH ST. 137 W.—Neatly furnished kitchenette rooms; references.
Oct.3-2t
130TH ST. 207 W.—Large and small rooms; steam heat, hot water; use of kitchen; clean and neatly furnished.
Oct.3-2t
131ST ST. 139 W.—Furnished hall bedroom, in private house, front; steam, hot water.
131ST ST. 39 W.—Large, light, furnished room to let, cheap, for couple.
Oct.10-2t
131ST ST. 64 W.—Furnished room, 1 and up. Mrs. Brown.
Oct.10-4t
131ST ST. 265 W.—Neatly furnished room to let; private house.
131ST ST. 276 W.—Small furnished room; man only.
131ST ST. 26 W. (Apt. 13)—Furnished room; strictly private; quiet home; steam heat, hot water; kitchen privileges, $7.50; Call evenings.
Sept.26-4t
131ST ST. 269 W.—Rooms to rent; respectable only; all large and small front basement, room, private. Phone Edgecombe 3320.
Sept.26-4t
131ST ST. 15 W.—Beautiful large and small rooms, furnished, private, all week.
Sept.26-4t
131ST ST. 142 W.—Neatly furnished rooms, large and small, all conveniences; elevator apartment. Tel. Harlem 4907.
Sept.19-4t
131ST ST. 208 W.—Large, small front room, single beds, steam, respectable people only.
Oct.3-2t
131ST ST. 247 W.—Neatly furnished rooms, twin beds; single gentlemen or couple. Miss D. S. Brooks 5177.
Sept.26-4t
131ST ST. 49 W. (Apt. 12A)—Nice large front room, couple or two friends; call evenings. Phone Harlem 2338.
Sept.26-4t
131ST ST. 250 W.—Furnished and unfurnished rooms to let. Cobb.
Oct. 10-2t
131ST ST. 107 W.—Large front and basement with kitchenette, for working people only.
Oct. 10-2t
131ST ST. 36 W.—Large kitchenette room, nicely furnished, all modern conveniences, nice, refined, running water, electric, steam. Harlem 2309.
Oct.10-2t
131ST ST. 235 W.—Large kitchenette rooms, front, 2d floor, private house.
Oct.3-2t
131ST ST. 66 W.—Light furnished and unfurnished room, all improvements.
Oct.10-4t
131ST ST. 254 W.—Newly decorated, kitchenette rooms, reasonable rent; from $4.50 up.
Oct.3-2t
131ST ST. 31 W.—Beautiful room, 131st St., 1st St., Apt. 4.
Oct.3-2t
131ST ST. 45 W.—Large and small furnished rooms, conveniences, man and wife preferred. Harlem 9318. Mrs. Bailey.
Sept.26-4t Nov.6-4t
131ST ST. 245 W.—Kitchenette rooms, furnished, large and small, all improvements.
Oct.3-2t
131ST ST. 70 W.—Large and small rooms, all improvements.
Oct.3-2t
131ST ST. 119 W.—Kitchenette rooms and others, comfortably furnished in quiet house, for respectable people, with heat, water, electricity. Reasonable. Inquire about, for respectable people only.
Oct.3-2t
131ST ST. 204 W.—Furnished room to let; running water; 2 working girls preferred.
Oct.3-2t
131ST ST. 125 W.—Private house, single and large rooms, newly furnished; respectable people only.
Oct.10-2t
131ST ST. 122 W.—Large, neatly furnished, steam heat, all modern conveniences; newly renovated; reasonable rent. Harlem 9864.
Oct.3-2t
131ST ST. 149 W.—Beautiful furnished large parlor, can be used as living room and bedroom. Phone Harlem 4297.
132D ST. 216 W.—Kitchenette room, steam heat, only respectable need apply. Phone Harlem 3968.
Oct.10-2t
132D ST. 230 W.—Neatly furnished rooms, respectable people only, all conveniences. Phone Edgecombe 4985.
Oct. 10-2t
132D ST. 40 W.—Neatly furnished rooms, $5, $5.50, $6. Tel. Hal. 6104.
Leroy Young. Oct.3-2t
132D ST. 201 W. (Cor. 7th Ave.)—A small room in a quiet home. Brad. 5105.
Bryant. Oct.3-2t
132D ST. 252 W.—Furnished room and kitchenette room; refer.
Oct. 3-2t
132D ST. 157 W.—Nicely furnished room, large and small, steam.
Sept.26-4t
132D ST. 259 W.—Nicely furnished room; large.
Oct.10-2t
132D ST. 201 W. (Cor. 7th Ave.)—Attractive outside room, suitable couple, steam heat, phone. Bryant, Brad. 5105.
Oct.3-2t
FURNISHED ROOMS
132D ST. 70 W.—Furnished kitchenette rooms and rooms for rent. Call evenings.
Oct. 10-2t
132D ST. 242 W.—Private house, furnished and unfurnished rooms, kitchenette, electric, light, telephone service, conveniences, quiet neighborhood.
Oct. 3-4t
132D ST. 235 W.—Private house, large and small rooms; all conveniences.
Oct.10-2t
132D ST. 144 W.—Medium sized furnished room, steam heat, all modern conveniences, newly decorated; reasonable.
Oct.3-2t
132D ST. 214 W.—Room, private, nicely furnished; suitable gentleman or lady; rent $6. Phone Brad 6171.
Oct.10-2t
132D ST. 156 W.—Furnished rooms for respectable people; all conveniences; nice; respectable people; rent reasonable.
Oct.10-2t
132D ST. 42 E.—Furnished rooms, large and small; steam heat; running water, electric light, telephone service. Call or telephone Harlem 5103.
Sept.26-2t
132D ST. 252 W.—Furnished room, call after 6 p. m. Mrs. Duncan.
133D ST. 252 W.—Small room, kitchen, $3.50 week. Working man only. Ground floor, west. Mrs. Meyers.
133D ST. 162 W.—Small, neatly furnished room.
Sept.19-4t
133D ST. 203 W. (Apt. 4)—Neatly furnished room, overlooking 7th Ave.; suitable for couple or single. Newly decorated, with all privileges. Phone Bradhurst 4322. Rent reasonable. Mrs. Rayford.
Oct.10-2t
133D ST. 48 E.—Furnished kitchenette rooms to let, small and large, all conveniences.
Oct.10-4t
133D ST. 305 W. (Apt. 5)—Large room, suitable for man and wife or couple. Mrs. Stringfield.
Oct.10-2t
133D ST. 113 W. (near subway)—Furnished rooms; all improvements, quiet house, for decent people; 90 feet from Lenox Ave.
133D ST. 200 W. (Apt. 7)—Large front room, all conveniences. Edgecombe 4920. Mrs. Anewick.
Oct. 10-2t
133D ST. 114 W.—Rooms with kitchenette, light and airy.
133D ST. 250 W.—Newly furnished room; private; suitable couple or two working girls; home accommodations. Call after 3 o'clock afternoons. Mrs. Richardson.
133D ST. 229 W. (third floor)—Furnished room, $3.50 and up. Call evenings. Edgecombe 4507. Miss Alice Brown.
Sept. 19-4t
133D ST. 66 W. (Apt. 3)—Nicely furnished room; reasonable rent. Call evening 7 o'clock.
Oct.10-4t
134TH ST. 17 W.—Furnished rooms, modern conveniences; weekly rates; Phone Harlem 1961.
Oct.10-2t
134TH ST. 71 W.—Beautiful rooms from $4 up; all conveniences.
Aug. 22-4t
134TH ST. 237-9 W. (Apt. 6)—Large and small furnished rooms; all conveniences. G. Nelson.
Oct. 10-2t
134TH ST. 211 W.—Furnished rooms, $4 and up. Tyler.
Sept.26-4t
134TH ST. 233 W. (Apt. 4)—A large front room to let. P. Richardson.
134TH ST. 227 W. (3r floor)—Furnished front room, for two, $6.50 and $7. Edge. 9886.
Oct.3-2t
135TH ST. 211½—Private house, furnished rooms, steam; all conveniences. F. B. White, Proprietor. Edge. 5663.
Apr.11-tf
135TH ST. 244 W.—Nicely furnished, light and airy, modern conveniences. Rent, $9. Brad. 6161.
Oct. 10-2t
135TH ST. 101 W.—Neatly furnished rooms to let, at subway station.
135TH ST. 243 W. (Apt. 6)—Neatly furnished room for two. Mrs. Clarke.
Oct.10-2t
135TH ST. 247 W. (2 flights up)—Nicely furnished room; all conveniences.
135TH ST. 115 W. (4th floor, east side, front)—Nice furnished rooms, all conveniences, private house. Bradhurst 7694. L. Jones.
135TH ST. 227 W. (office, 1 flight up)—Unfurnished rooms, with or without light housekeeping; also kitchenette room; in private house; all modern conveniences; private. Audubon 5568.
135TH ST. 219 W. (Apt. 2)—Furnished rooms, all private, with light housekeeping privileges. Audubon 5558.
136TH ST. 216 W. (Apt. 24)—Neatly furnished room, $5.50; all conveniences.
136TH ST. 311 W.—Furnished and unfurnished and basement room.
136TH ST. 214 W.—Room for couple with conveniences, respectable people only. Bradhurst 2235.
Oct.10-2t
136TH ST. 162 W.—Neatly furnished room for rent; private house.
136TH ST. 40 W. (Apt. 5)—Furnished room, couple or single, all conveniences.
136TH ST. 248 W.—Large rooms neatly furnished, single or couple, reasonable.
Oct.10-2t
136TH ST. 130 W.—Neatly furnished rooms, private house; all conveniences. Mais.
Sept.26-4t
136TH ST. 101 W.—Furnished or unfurnished room to let in private home.
136TH ST. 338 W.—Steam heated, all improvements, also home cooked meals served.
Oct.3-2t
136TH ST. 210 W.—Large front room; couple or 2 gentlemen; references; no others. Tel. Bradhurst 0576.
Oct.3-2t
136TH ST. West—Small furnished room for a refined young man. Phone Bradhurst 2730.
Oct. 3-4t
136TH ST. 221 W.—Strictly private front room; nice location.
Oct. 10-2t
136TH ST. 113 W.—To let, neatly furnished room.
